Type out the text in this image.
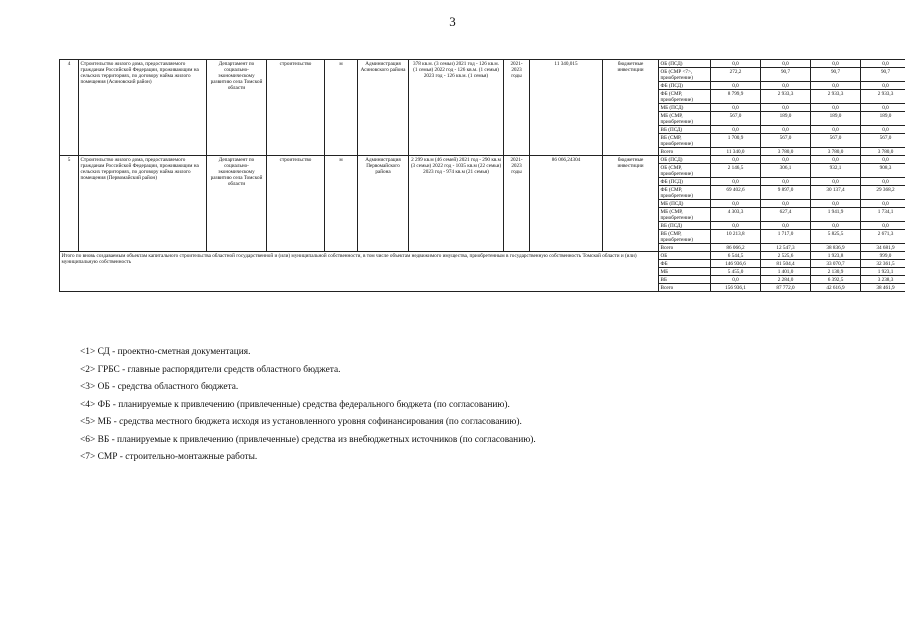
3
4	Строительство жилого дома, предоставляемого гражданам Российской Федерации, проживающим на сельских территориях, по договору найма жилого помещения (Асиновский район)	Департамент по социально-экономическому развитию села Томской области	строительство	м	Администрация Асиновского района	378 кв.м. (3 семьи) 2021 год - 126 кв.м. (1 семья) 2022 год - 126 кв.м. (1 семья) 2023 год - 126 кв.м. (1 семья)	2021-2023 годы	11 340,015	бюджетные инвестиции	ОБ (ПСД)	0,0	0,0	0,0	0,0
										ОБ (СМР <7>, приобретение)	272,2	90,7	90,7	90,7
										ФБ (ПСД)	0,0	0,0	0,0	0,0
										ФБ (СМР, приобретение)	8 799,9	2 933,3	2 933,3	2 933,3
										МБ (ПСД)	0,0	0,0	0,0	0,0
										МБ (СМР, приобретение)	567,0	189,0	189,0	189,0
										ВБ (ПСД)	0,0	0,0	0,0	0,0
										ВБ (СМР, приобретение)	1 700,9	567,0	567,0	567,0
										Всего	11 340,0	3 780,0	3 780,0	3 780,0
5	Строительство жилого дома, предоставляемого гражданам Российской Федерации, проживающим на сельских территориях, по договору найма жилого помещения (Первомайский район)	Департамент по социально-экономическому развитию села Томской области	строительство	м	Администрация Первомайского района	2 299 кв.м (46 семей) 2021 год - 290 кв.м (3 семьи) 2022 год - 1035 кв.м (22 семьи) 2023 год - 974 кв.м (21 семья)	2021-2023 годы	86 066,24304	бюджетные инвестиции	ОБ (ПСД)	0,0	0,0	0,0	0,0
										ОБ (СМР, приобретение)	2 146,5	306,1	932,1	908,3
										ФБ (ПСД)	0,0	0,0	0,0	0,0
										ФБ (СМР, приобретение)	69 402,6	9 897,0	30 137,4	29 368,2
										МБ (ПСД)	0,0	0,0	0,0	0,0
										МБ (СМР, приобретение)	4 303,3	627,4	1 941,9	1 734,1
										ВБ (ПСД)	0,0	0,0	0,0	0,0
										ВБ (СМР, приобретение)	10 213,8	1 717,0	5 825,5	2 671,3
										Всего	86 066,2	12 547,3	38 836,9	34 681,9
Итого по вновь создаваемым объектам капитального строительства областной государственной и (или) муниципальной собственности, в том числе объектам недвижимого имущества, приобретенным в государственную собственность Томской области и (или) муниципальную собственность										ОБ	6 544,5	2 525,6	1 923,8	999,0
										ФБ	146 936,6	81 504,4	33 070,7	32 361,5
										МБ	5 455,0	1 401,0	2 130,9	1 923,1
										ВБ	0,0	2 284,0	6 392,5	3 238,3
										Всего	156 936,1	87 772,0	42 616,9	38 461,9
<1> СД - проектно-сметная документация.
<2> ГРБС - главные распорядители средств областного бюджета.
<3> ОБ - средства областного бюджета.
<4> ФБ - планируемые к привлечению (привлеченные) средства федерального бюджета (по согласованию).
<5> МБ - средства местного бюджета исходя из установленного уровня софинансирования (по согласованию).
<6> ВБ - планируемые к привлечению (привлеченные) средства из внебюджетных источников (по согласованию).
<7> СМР - строительно-монтажные работы.
